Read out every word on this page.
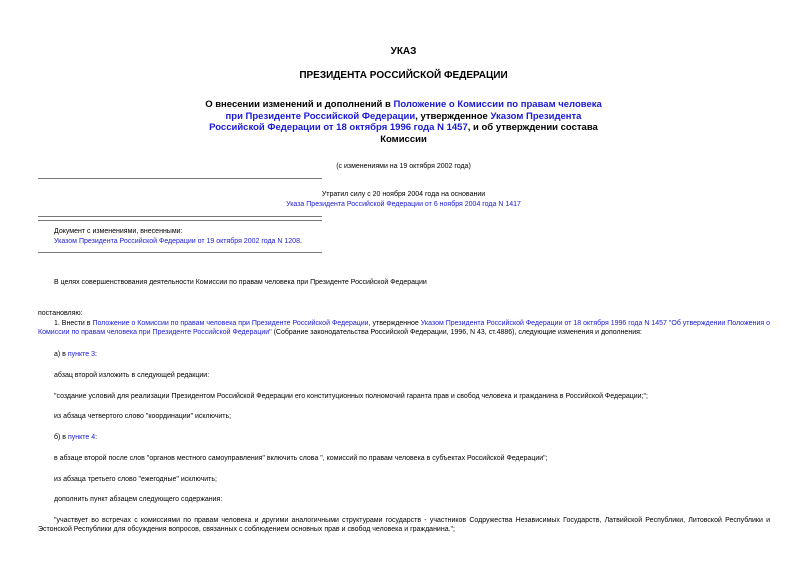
УКАЗ
ПРЕЗИДЕНТА РОССИЙСКОЙ ФЕДЕРАЦИИ
О внесении изменений и дополнений в Положение о Комиссии по правам человека при Президенте Российской Федерации, утвержденное Указом Президента Российской Федерации от 18 октября 1996 года N 1457, и об утверждении состава Комиссии
(с изменениями на 19 октября 2002 года)
Утратил силу с 20 ноября 2004 года на основании
Указа Президента Российской Федерации от 6 ноября 2004 года N 1417
Документ с изменениями, внесенными:
Указом Президента Российской Федерации от 19 октября 2002 года N 1208.
В целях совершенствования деятельности Комиссии по правам человека при Президенте Российской Федерации
постановляю:
1. Внести в Положение о Комиссии по правам человека при Президенте Российской Федерации, утвержденное Указом Президента Российской Федерации от 18 октября 1996 года N 1457 "Об утверждении Положения о Комиссии по правам человека при Президенте Российской Федерации" (Собрание законодательства Российской Федерации, 1996, N 43, ст.4886), следующие изменения и дополнения:
а) в пункте 3:
абзац второй изложить в следующей редакции:
"создание условий для реализации Президентом Российской Федерации его конституционных полномочий гаранта прав и свобод человека и гражданина в Российской Федерации;";
из абзаца четвертого слово "координации" исключить;
б) в пункте 4:
в абзаце второй после слов "органов местного самоуправления" включить слова ", комиссий по правам человека в субъектах Российской Федерации";
из абзаца третьего слово "ежегодные" исключить;
дополнить пункт абзацем следующего содержания:
"участвует во встречах с комиссиями по правам человека и другими аналогичными структурами государств - участников Содружества Независимых Государств, Латвийской Республики, Литовской Республики и Эстонской Республики для обсуждения вопросов, связанных с соблюдением основных прав и свобод человека и гражданина.";
